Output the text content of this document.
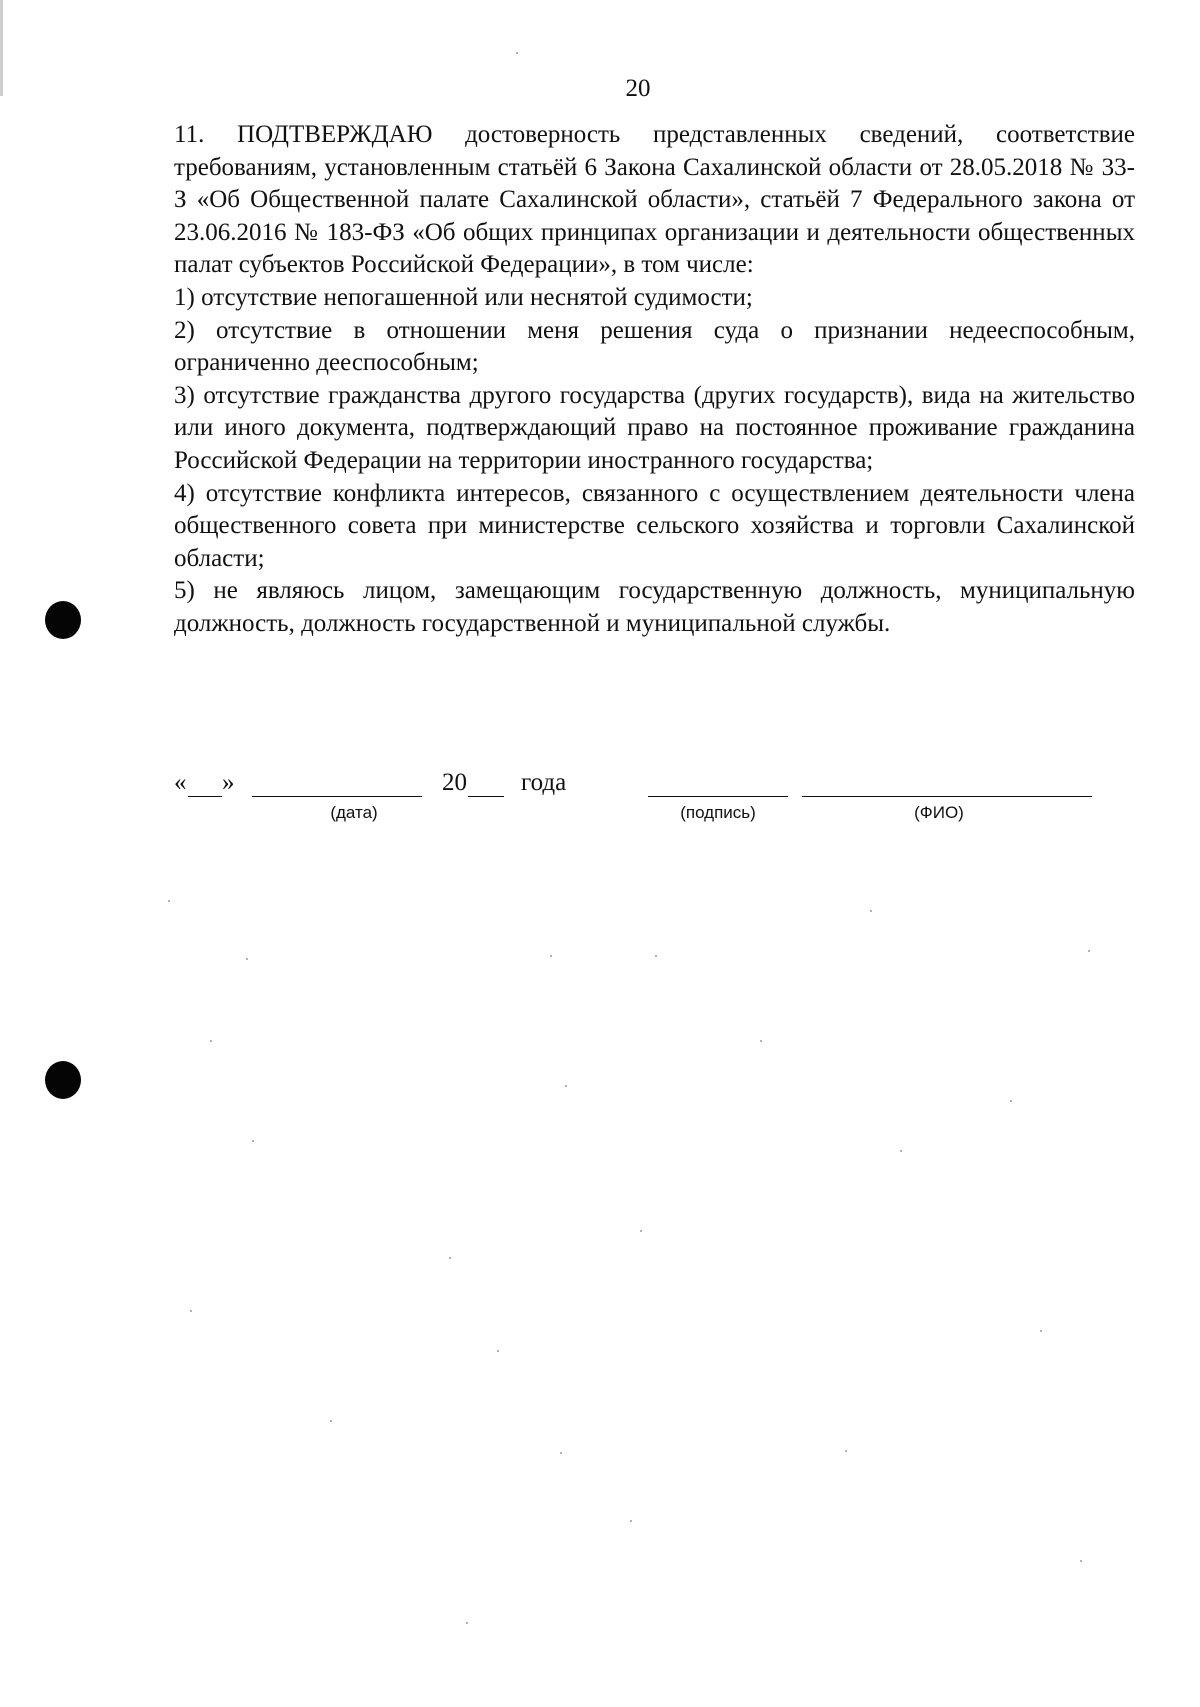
20

11. ПОДТВЕРЖДАЮ достоверность представленных сведений, соответствие требованиям, установленным статьёй 6 Закона Сахалинской области от 28.05.2018 № 33-З «Об Общественной палате Сахалинской области», статьёй 7 Федерального закона от 23.06.2016 № 183-ФЗ «Об общих принципах организации и деятельности общественных палат субъектов Российской Федерации», в том числе:

1) отсутствие непогашенной или неснятой судимости;

2) отсутствие в отношении меня решения суда о признании недееспособным, ограниченно дееспособным;

3) отсутствие гражданства другого государства (других государств), вида на жительство или иного документа, подтверждающий право на постоянное проживание гражданина Российской Федерации на территории иностранного государства;

4) отсутствие конфликта интересов, связанного с осуществлением деятельности члена общественного совета при министерстве сельского хозяйства и торговли Сахалинской области;

5) не являюсь лицом, замещающим государственную должность, муниципальную должность, должность государственной и муниципальной службы.

« »	20 года
(дата)	(подпись)	(ФИО)
